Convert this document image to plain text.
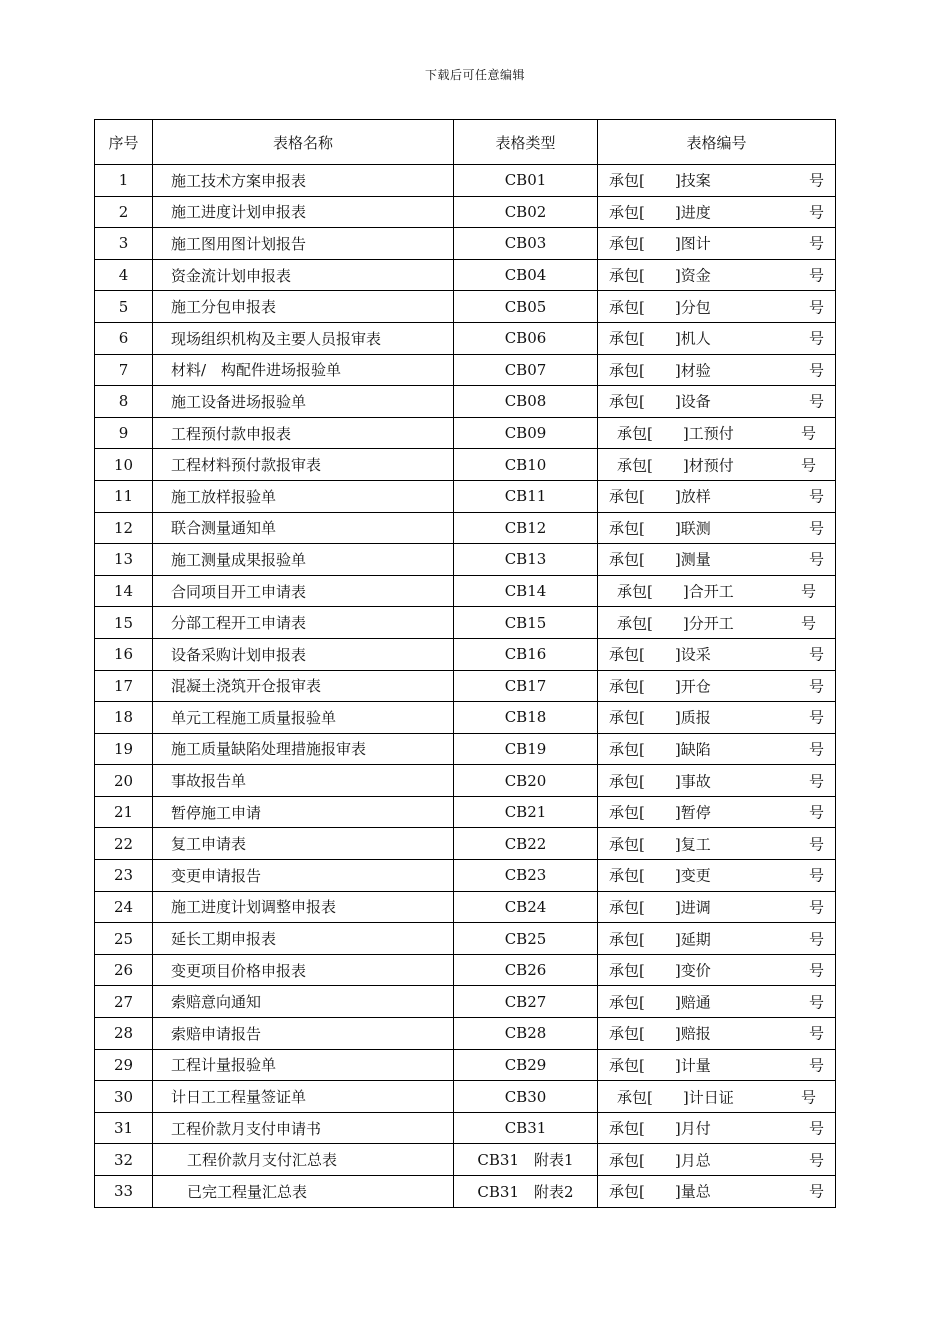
下载后可任意编辑
序号	表格名称	表格类型	表格编号
1	施工技术方案申报表	CB01	承包[　　]技案 号

2	施工进度计划申报表	CB02	承包[　　]进度 号

3	施工图用图计划报告	CB03	承包[　　]图计 号

4	资金流计划申报表	CB04	承包[　　]资金 号

5	施工分包申报表	CB05	承包[　　]分包 号

6	现场组织机构及主要人员报审表	CB06	承包[　　]机人 号

7	材料/　构配件进场报验单	CB07	承包[　　]材验 号

8	施工设备进场报验单	CB08	承包[　　]设备 号

9	工程预付款申报表	CB09	承包[　　]工预付 号

10	工程材料预付款报审表	CB10	承包[　　]材预付 号

11	施工放样报验单	CB11	承包[　　]放样 号

12	联合测量通知单	CB12	承包[　　]联测 号

13	施工测量成果报验单	CB13	承包[　　]测量 号

14	合同项目开工申请表	CB14	承包[　　]合开工 号

15	分部工程开工申请表	CB15	承包[　　]分开工 号

16	设备采购计划申报表	CB16	承包[　　]设采 号

17	混凝土浇筑开仓报审表	CB17	承包[　　]开仓 号

18	单元工程施工质量报验单	CB18	承包[　　]质报 号

19	施工质量缺陷处理措施报审表	CB19	承包[　　]缺陷 号

20	事故报告单	CB20	承包[　　]事故 号

21	暂停施工申请	CB21	承包[　　]暂停 号

22	复工申请表	CB22	承包[　　]复工 号

23	变更申请报告	CB23	承包[　　]变更 号

24	施工进度计划调整申报表	CB24	承包[　　]进调 号

25	延长工期申报表	CB25	承包[　　]延期 号

26	变更项目价格申报表	CB26	承包[　　]变价 号

27	索赔意向通知	CB27	承包[　　]赔通 号

28	索赔申请报告	CB28	承包[　　]赔报 号

29	工程计量报验单	CB29	承包[　　]计量 号

30	计日工工程量签证单	CB30	承包[　　]计日证 号

31	工程价款月支付申请书	CB31	承包[　　]月付 号

32	工程价款月支付汇总表	CB31　附表1	承包[　　]月总 号

33	已完工程量汇总表	CB31　附表2	承包[　　]量总 号
